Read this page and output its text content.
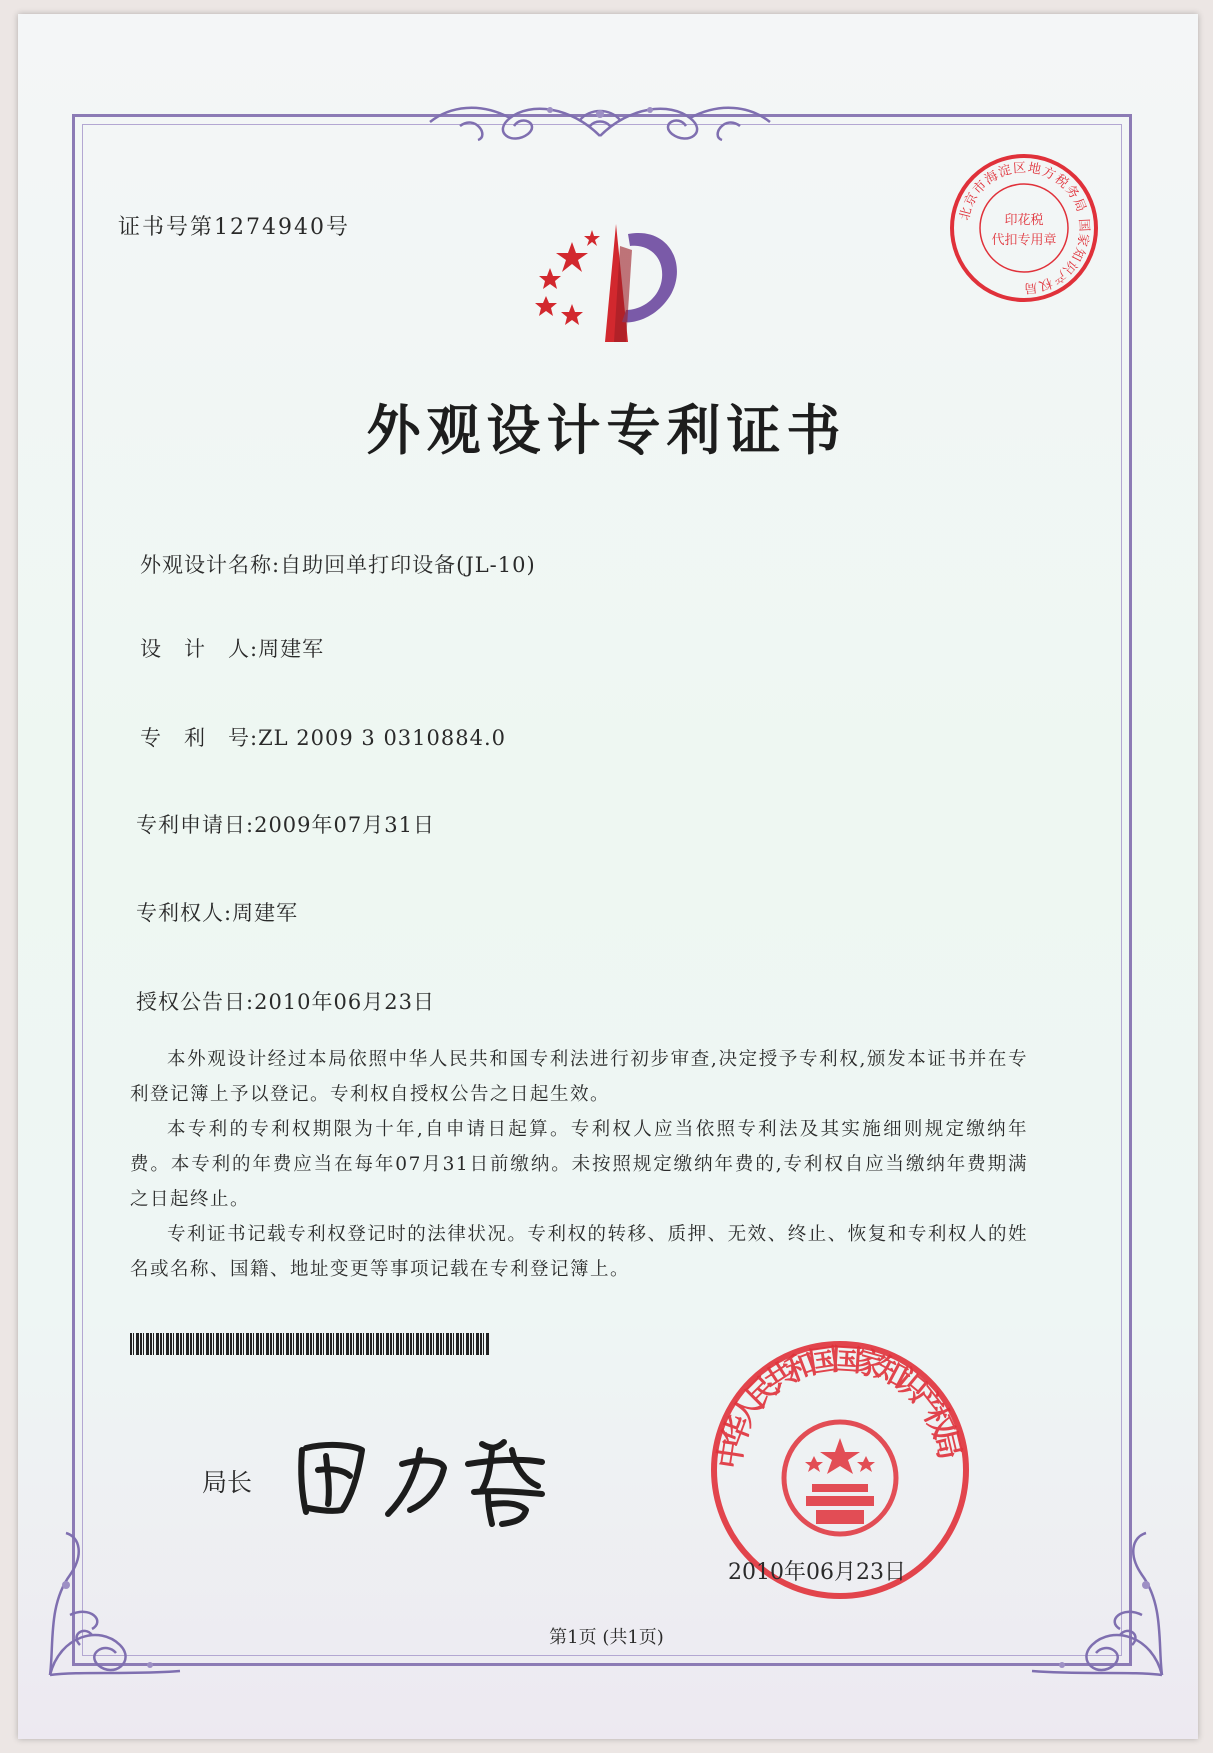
证书号第1274940号
北京市海淀区地方税务局 国家知识产权局
印花税
代扣专用章
外观设计专利证书
外观设计名称:自助回单打印设备(JL-10)
设　计　人:周建军
专　利　号:ZL 2009 3 0310884.0
专利申请日:2009年07月31日
专利权人:周建军
授权公告日:2010年06月23日

本外观设计经过本局依照中华人民共和国专利法进行初步审查,决定授予专利权,颁发本证书并在专利登记簿上予以登记。专利权自授权公告之日起生效。

本专利的专利权期限为十年,自申请日起算。专利权人应当依照专利法及其实施细则规定缴纳年费。本专利的年费应当在每年07月31日前缴纳。未按照规定缴纳年费的,专利权自应当缴纳年费期满之日起终止。

专利证书记载专利权登记时的法律状况。专利权的转移、质押、无效、终止、恢复和专利权人的姓名或名称、国籍、地址变更等事项记载在专利登记簿上。

局长
中华人民共和国国家知识产权局
2010年06月23日
第1页 (共1页)
